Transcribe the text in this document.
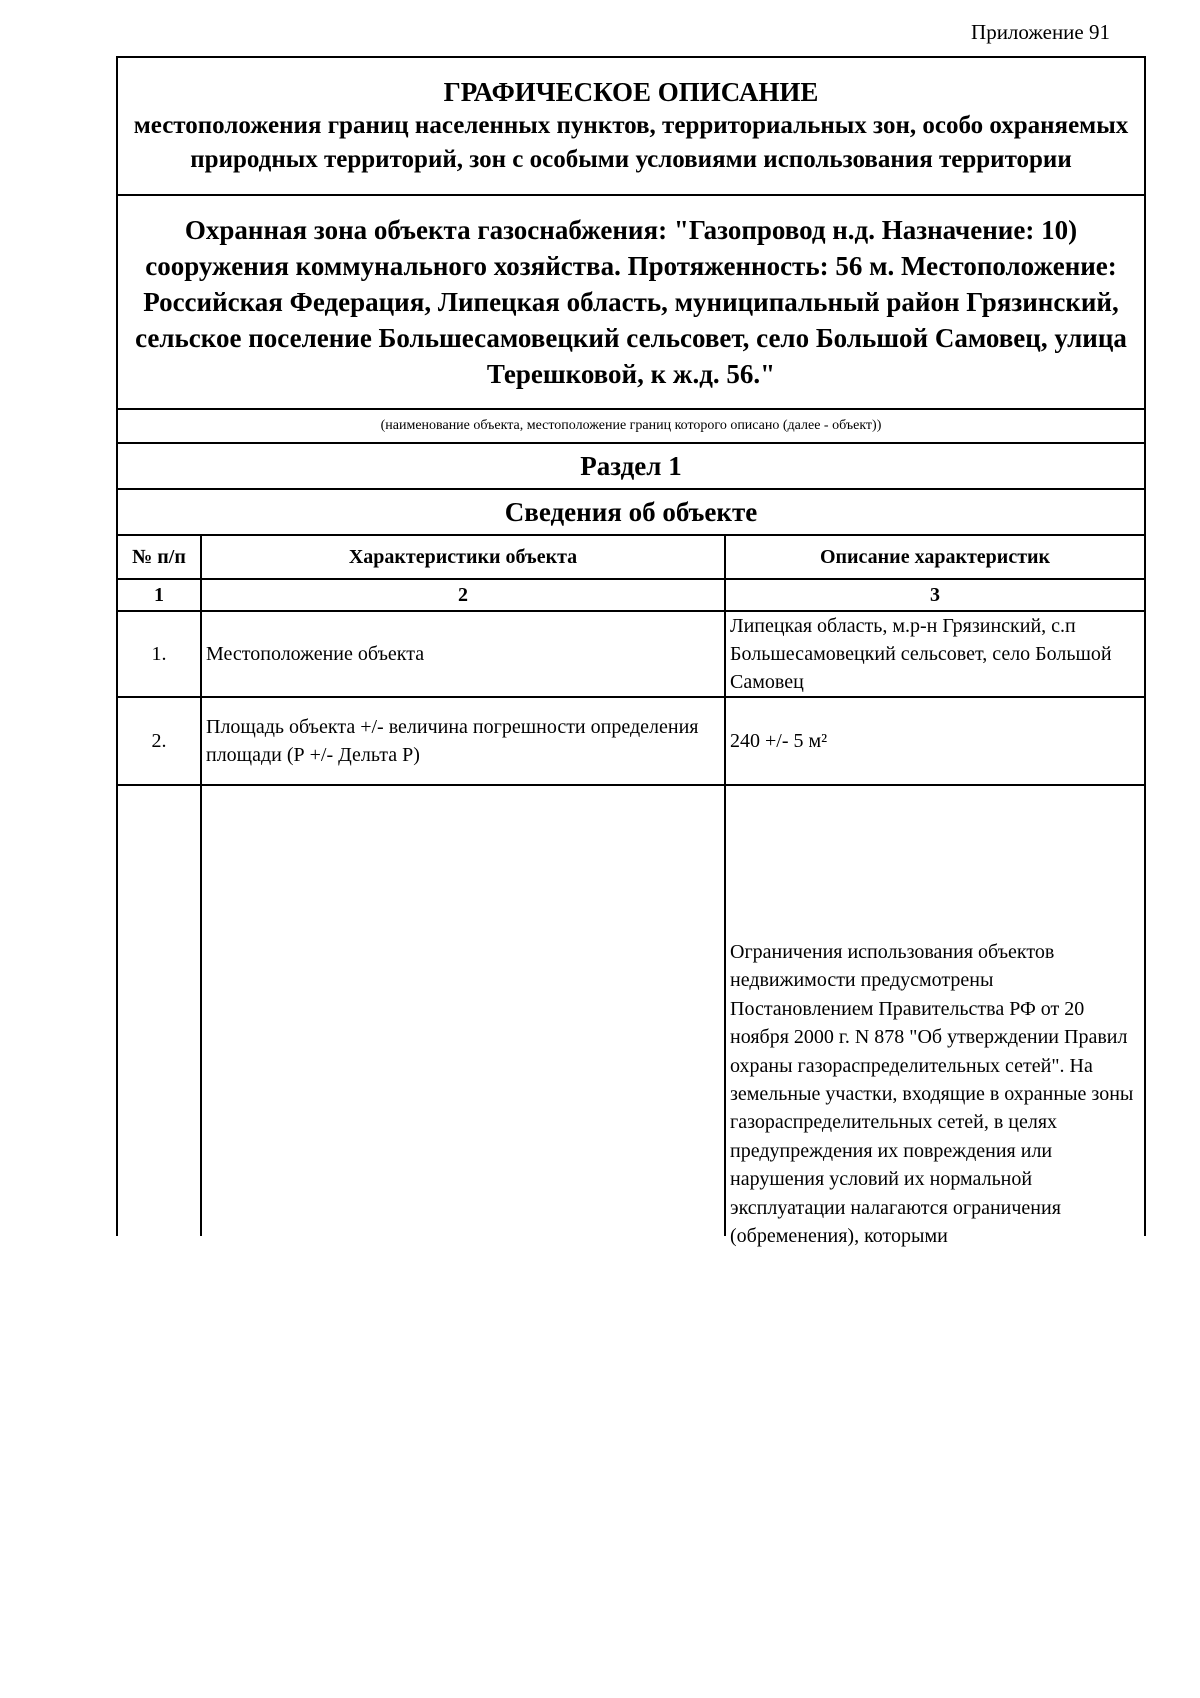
Приложение 91
ГРАФИЧЕСКОЕ ОПИСАНИЕ
местоположения границ населенных пунктов, территориальных зон, особо охраняемых природных территорий, зон с особыми условиями использования территории		

Охранная зона объекта газоснабжения: "Газопровод н.д. Назначение: 10) сооружения коммунального хозяйства. Протяженность: 56 м. Местоположение: Российская Федерация, Липецкая область, муниципальный район Грязинский, сельское поселение Большесамовецкий сельсовет, село Большой Самовец, улица Терешковой, к ж.д. 56."		
(наименование объекта, местоположение границ которого описано (далее - объект))		
Раздел 1		
Сведения об объекте		
№ п/п	Характеристики объекта	Описание характеристик
1	2	3
1.	Местоположение объекта	Липецкая область, м.р-н Грязинский, с.п Большесамовецкий сельсовет, село Большой Самовец
2.	Площадь объекта +/- величина погрешности определения площади (Р +/- Дельта Р)	240 +/- 5 м²

		Ограничения использования объектов недвижимости предусмотрены Постановлением Правительства РФ от 20 ноября 2000 г. N 878 "Об утверждении Правил охраны газораспределительных сетей". На земельные участки, входящие в охранные зоны газораспределительных сетей, в целях предупреждения их повреждения или нарушения условий их нормальной эксплуатации налагаются ограничения (обременения), которыми
